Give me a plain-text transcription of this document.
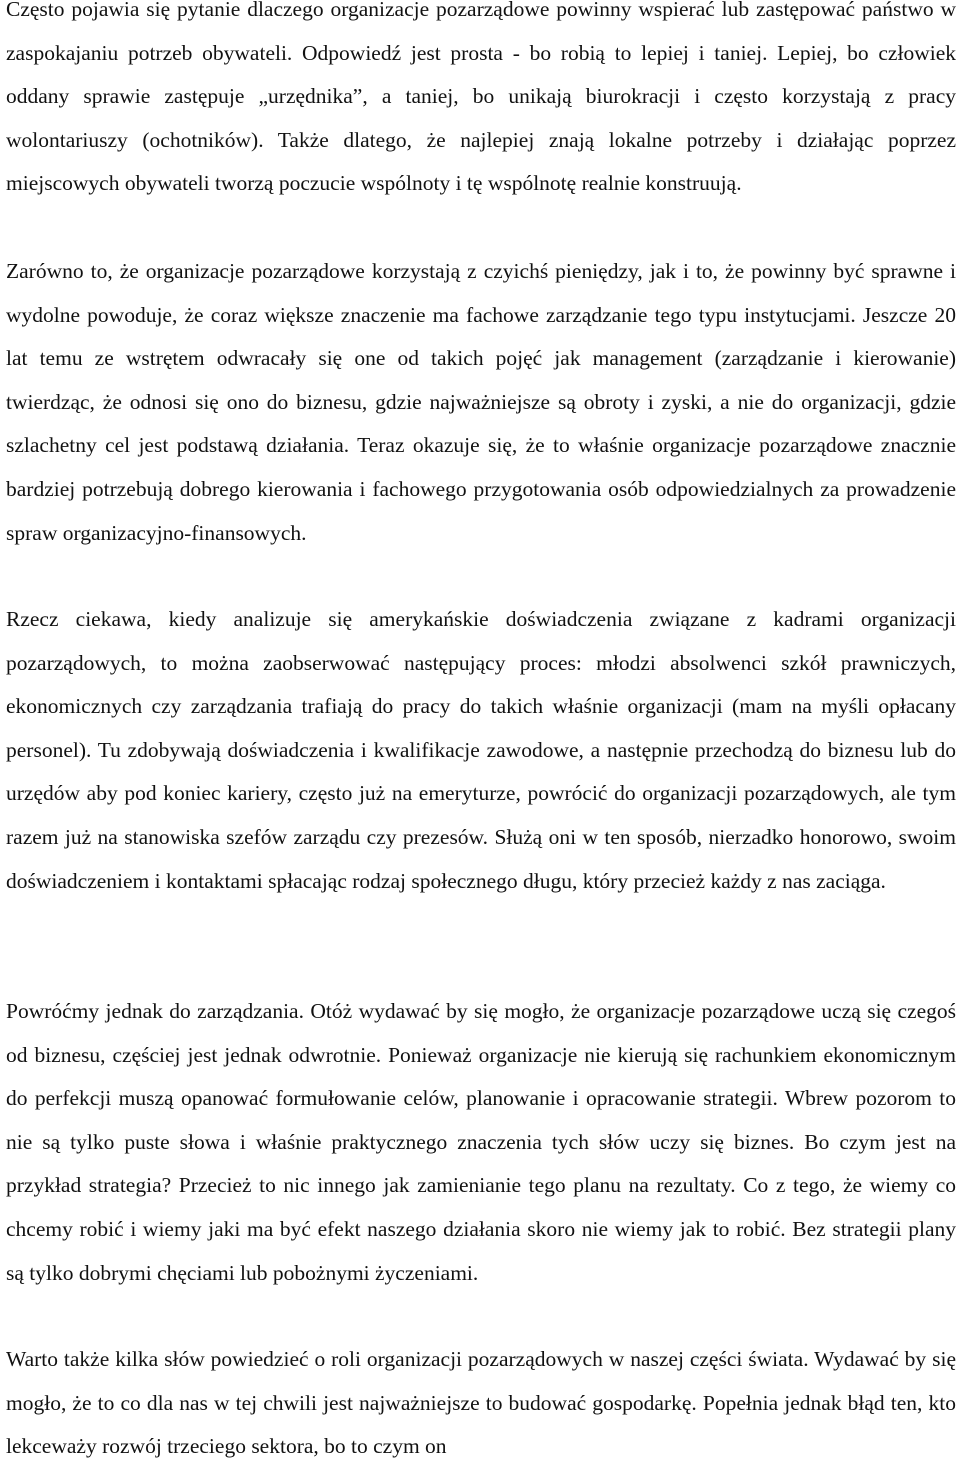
Często pojawia się pytanie dlaczego organizacje pozarządowe powinny wspierać lub zastępować państwo w zaspokajaniu potrzeb obywateli. Odpowiedź jest prosta - bo robią to lepiej i taniej. Lepiej, bo człowiek oddany sprawie zastępuje „urzędnika”, a taniej, bo unikają biurokracji i często korzystają z pracy wolontariuszy (ochotników). Także dlatego, że najlepiej znają lokalne potrzeby i działając poprzez miejscowych obywateli tworzą poczucie wspólnoty i tę wspólnotę realnie konstruują.

Zarówno to, że organizacje pozarządowe korzystają z czyichś pieniędzy, jak i to, że powinny być sprawne i wydolne powoduje, że coraz większe znaczenie ma fachowe zarządzanie tego typu instytucjami. Jeszcze 20 lat temu ze wstrętem odwracały się one od takich pojęć jak management (zarządzanie i kierowanie) twierdząc, że odnosi się ono do biznesu, gdzie najważniejsze są obroty i zyski, a nie do organizacji, gdzie szlachetny cel jest podstawą działania. Teraz okazuje się, że to właśnie organizacje pozarządowe znacznie bardziej potrzebują dobrego kierowania i fachowego przygotowania osób odpowiedzialnych za prowadzenie spraw organizacyjno-finansowych.

Rzecz ciekawa, kiedy analizuje się amerykańskie doświadczenia związane z kadrami organizacji pozarządowych, to można zaobserwować następujący proces: młodzi absolwenci szkół prawniczych, ekonomicznych czy zarządzania trafiają do pracy do takich właśnie organizacji (mam na myśli opłacany personel). Tu zdobywają doświadczenia i kwalifikacje zawodowe, a następnie przechodzą do biznesu lub do urzędów aby pod koniec kariery, często już na emeryturze, powrócić do organizacji pozarządowych, ale tym razem już na stanowiska szefów zarządu czy prezesów. Służą oni w ten sposób, nierzadko honorowo, swoim doświadczeniem i kontaktami spłacając rodzaj społecznego długu, który przecież każdy z nas zaciąga.

Powróćmy jednak do zarządzania. Otóż wydawać by się mogło, że organizacje pozarządowe uczą się czegoś od biznesu, częściej jest jednak odwrotnie. Ponieważ organizacje nie kierują się rachunkiem ekonomicznym do perfekcji muszą opanować formułowanie celów, planowanie i opracowanie strategii. Wbrew pozorom to nie są tylko puste słowa i właśnie praktycznego znaczenia tych słów uczy się biznes. Bo czym jest na przykład strategia? Przecież to nic innego jak zamienianie tego planu na rezultaty. Co z tego, że wiemy co chcemy robić i wiemy jaki ma być efekt naszego działania skoro nie wiemy jak to robić. Bez strategii plany są tylko dobrymi chęciami lub pobożnymi życzeniami.

Warto także kilka słów powiedzieć o roli organizacji pozarządowych w naszej części świata. Wydawać by się mogło, że to co dla nas w tej chwili jest najważniejsze to budować gospodarkę. Popełnia jednak błąd ten, kto lekceważy rozwój trzeciego sektora, bo to czym on
